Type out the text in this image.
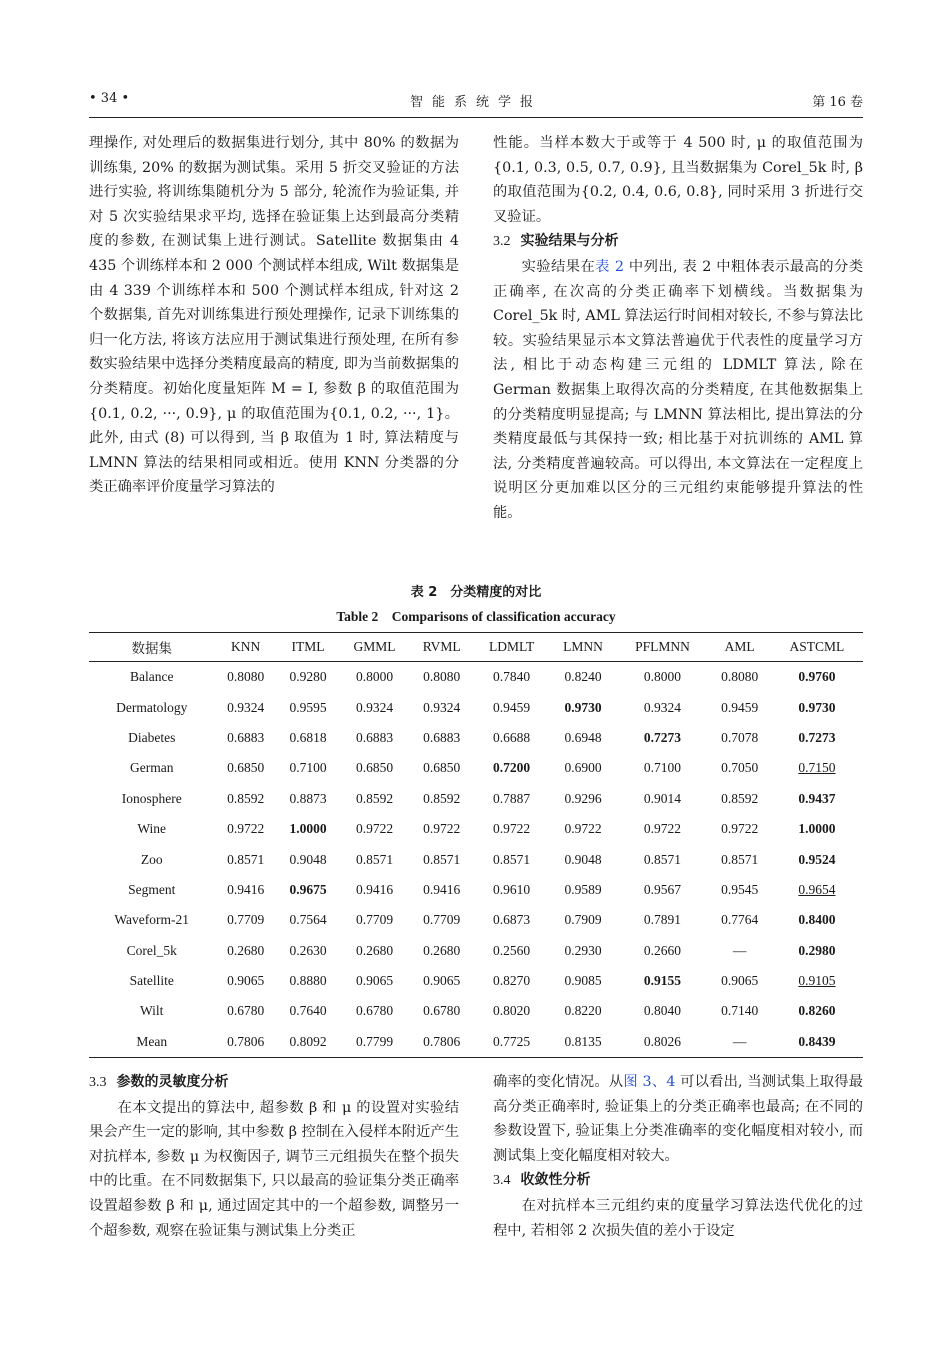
• 34 •	智能系统学报	第 16 卷

理操作, 对处理后的数据集进行划分, 其中 80% 的数据为训练集, 20% 的数据为测试集。采用 5 折交叉验证的方法进行实验, 将训练集随机分为 5 部分, 轮流作为验证集, 并对 5 次实验结果求平均, 选择在验证集上达到最高分类精度的参数, 在测试集上进行测试。Satellite 数据集由 4 435 个训练样本和 2 000 个测试样本组成, Wilt 数据集是由 4 339 个训练样本和 500 个测试样本组成, 针对这 2 个数据集, 首先对训练集进行预处理操作, 记录下训练集的归一化方法, 将该方法应用于测试集进行预处理, 在所有参数实验结果中选择分类精度最高的精度, 即为当前数据集的分类精度。初始化度量矩阵 M = I, 参数 β 的取值范围为{0.1, 0.2, ···, 0.9}, μ 的取值范围为{0.1, 0.2, ···, 1}。此外, 由式 (8) 可以得到, 当 β 取值为 1 时, 算法精度与 LMNN 算法的结果相同或相近。使用 KNN 分类器的分类正确率评价度量学习算法的

性能。当样本数大于或等于 4 500 时, μ 的取值范围为{0.1, 0.3, 0.5, 0.7, 0.9}, 且当数据集为 Corel_5k 时, β 的取值范围为{0.2, 0.4, 0.6, 0.8}, 同时采用 3 折进行交叉验证。

3.2 实验结果与分析

实验结果在表 2 中列出, 表 2 中粗体表示最高的分类正确率, 在次高的分类正确率下划横线。当数据集为 Corel_5k 时, AML 算法运行时间相对较长, 不参与算法比较。实验结果显示本文算法普遍优于代表性的度量学习方法, 相比于动态构建三元组的 LDMLT 算法, 除在 German 数据集上取得次高的分类精度, 在其他数据集上的分类精度明显提高; 与 LMNN 算法相比, 提出算法的分类精度最低与其保持一致; 相比基于对抗训练的 AML 算法, 分类精度普遍较高。可以得出, 本文算法在一定程度上说明区分更加难以区分的三元组约束能够提升算法的性能。

表 2　分类精度的对比
Table 2　Comparisons of classification accuracy
数据集	KNN	ITML	GMML	RVML	LDMLT	LMNN	PFLMNN	AML	ASTCML
Balance	0.8080	0.9280	0.8000	0.8080	0.7840	0.8240	0.8000	0.8080	0.9760
Dermatology	0.9324	0.9595	0.9324	0.9324	0.9459	0.9730	0.9324	0.9459	0.9730
Diabetes	0.6883	0.6818	0.6883	0.6883	0.6688	0.6948	0.7273	0.7078	0.7273
German	0.6850	0.7100	0.6850	0.6850	0.7200	0.6900	0.7100	0.7050	0.7150
Ionosphere	0.8592	0.8873	0.8592	0.8592	0.7887	0.9296	0.9014	0.8592	0.9437
Wine	0.9722	1.0000	0.9722	0.9722	0.9722	0.9722	0.9722	0.9722	1.0000
Zoo	0.8571	0.9048	0.8571	0.8571	0.8571	0.9048	0.8571	0.8571	0.9524
Segment	0.9416	0.9675	0.9416	0.9416	0.9610	0.9589	0.9567	0.9545	0.9654
Waveform-21	0.7709	0.7564	0.7709	0.7709	0.6873	0.7909	0.7891	0.7764	0.8400
Corel_5k	0.2680	0.2630	0.2680	0.2680	0.2560	0.2930	0.2660	—	0.2980
Satellite	0.9065	0.8880	0.9065	0.9065	0.8270	0.9085	0.9155	0.9065	0.9105
Wilt	0.6780	0.7640	0.6780	0.6780	0.8020	0.8220	0.8040	0.7140	0.8260
Mean	0.7806	0.8092	0.7799	0.7806	0.7725	0.8135	0.8026	—	0.8439

3.3 参数的灵敏度分析

在本文提出的算法中, 超参数 β 和 μ 的设置对实验结果会产生一定的影响, 其中参数 β 控制在入侵样本附近产生对抗样本, 参数 μ 为权衡因子, 调节三元组损失在整个损失中的比重。在不同数据集下, 只以最高的验证集分类正确率设置超参数 β 和 μ, 通过固定其中的一个超参数, 调整另一个超参数, 观察在验证集与测试集上分类正

确率的变化情况。从图 3、4 可以看出, 当测试集上取得最高分类正确率时, 验证集上的分类正确率也最高; 在不同的参数设置下, 验证集上分类准确率的变化幅度相对较小, 而测试集上变化幅度相对较大。

3.4 收敛性分析

在对抗样本三元组约束的度量学习算法迭代优化的过程中, 若相邻 2 次损失值的差小于设定
